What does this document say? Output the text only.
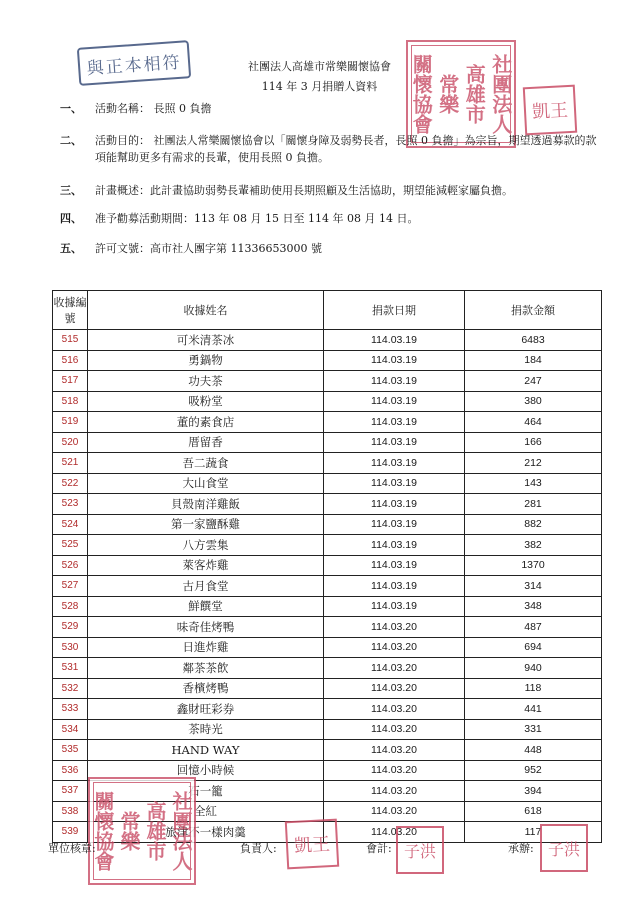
與正本相符	社團法人高雄市常樂關懷協會
114 年 3 月捐贈人資料	社團法人
高雄市
常樂
關懷協會	凱王
一、 活動名稱： 長照 0 負擔
二、 活動目的： 社團法人常樂關懷協會以「關懷身障及弱勢長者，長照 0 負擔」為宗旨，期望透過募款的款項能幫助更多有需求的長輩，使用長照 0 負擔。
三、 計畫概述：此計畫協助弱勢長輩補助使用長期照顧及生活協助，期望能減輕家屬負擔。
四、 准予勸募活動期間：113 年 08 月 15 日至 114 年 08 月 14 日。
五、 許可文號：高市社人團字第 11336653000 號
收據編號	收據姓名	捐款日期	捐款金額
515	可米清茶冰	114.03.19	6483
516	勇鍋物	114.03.19	184
517	功夫茶	114.03.19	247
518	吸粉堂	114.03.19	380
519	董的素食店	114.03.19	464
520	厝留香	114.03.19	166
521	吾二蔬食	114.03.19	212
522	大山食堂	114.03.19	143
523	貝殼南洋雞飯	114.03.19	281
524	第一家鹽酥雞	114.03.19	882
525	八方雲集	114.03.19	382
526	萊客炸雞	114.03.19	1370
527	古月食堂	114.03.19	314
528	鮮饌堂	114.03.19	348
529	味奇佳烤鴨	114.03.20	487
530	日進炸雞	114.03.20	694
531	鄰茶茶飲	114.03.20	940
532	香檳烤鴨	114.03.20	118
533	鑫財旺彩券	114.03.20	441
534	茶時光	114.03.20	331
535	HAND WAY	114.03.20	448
536	回憶小時候	114.03.20	952
537	石一籠	114.03.20	394
538	全紅	114.03.20	618
539	旅津不一樣肉羹	114.03.20	117
社團法人
高雄市
常樂
關懷協會	凱王	子洪	子洪
單位核章:	負責人:	會計:	承辦:
